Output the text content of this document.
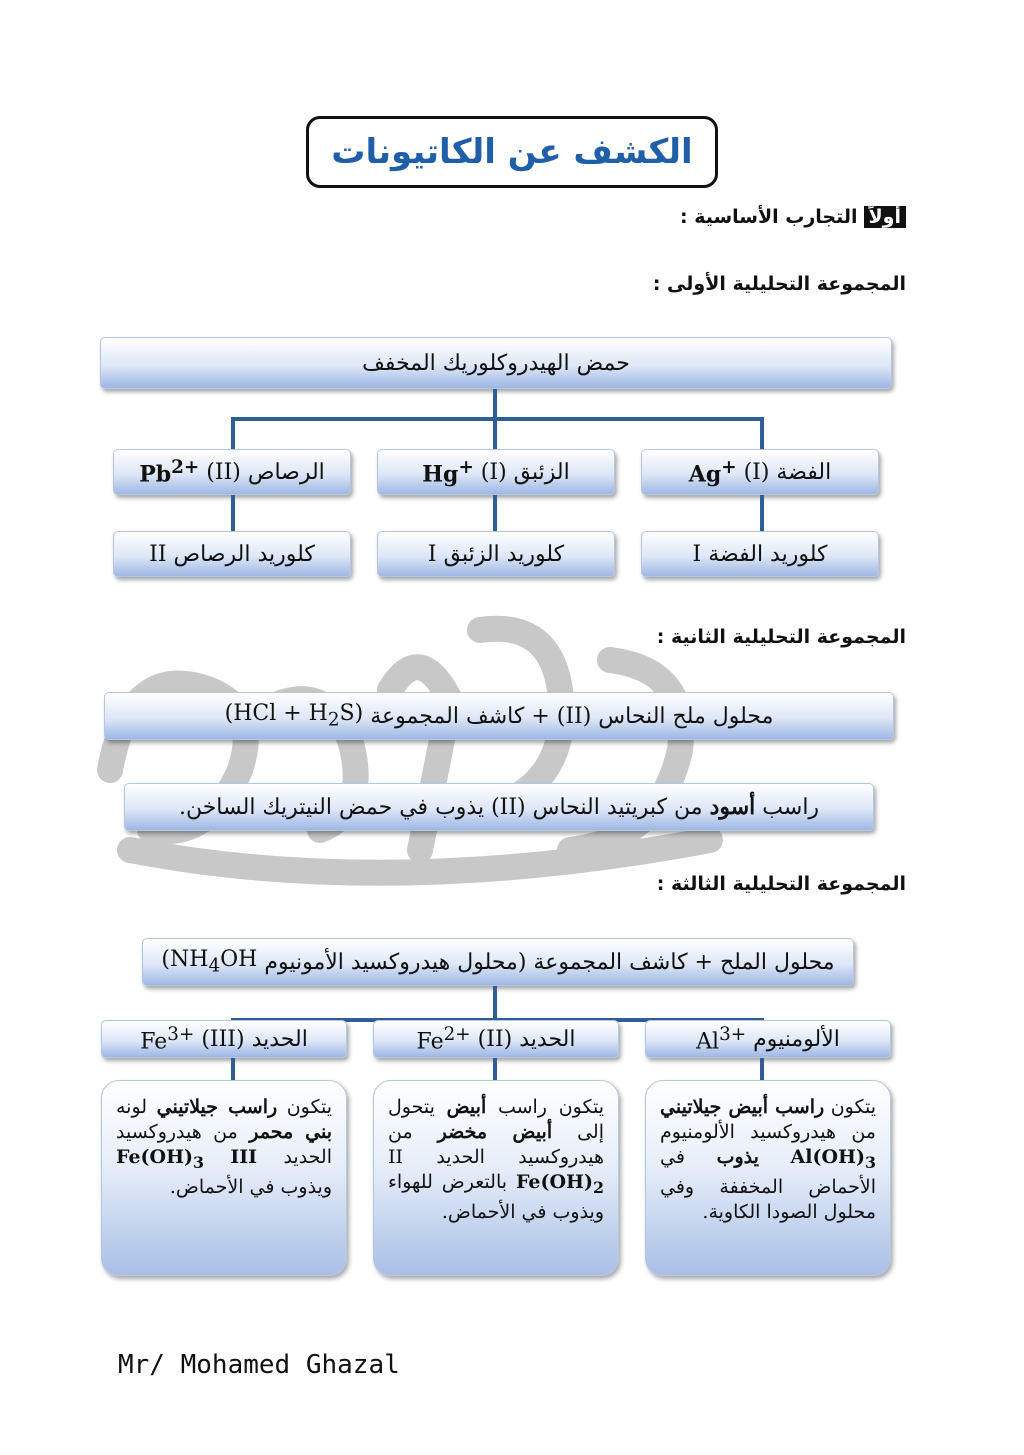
الكشف عن الكاتيونات
أولاًالتجارب الأساسية :
المجموعة التحليلية الأولى :
حمض الهيدروكلوريك المخفف
الفضة

(I)

Ag+
الزئبق

(I)

Hg+
الرصاص

(II)

$Pb^{2+}$
كلوريد الفضة

I
كلوريد الزئبق

I
كلوريد الرصاص

II
المجموعة التحليلية الثانية :
محلول ملح النحاس (II) + كاشف المجموعة

$(HCl + H_2S)$
راسب

أسود

من كبريتيد النحاس (II) يذوب في حمض النيتريك الساخن.
المجموعة التحليلية الثالثة :
محلول الملح + كاشف المجموعة (محلول هيدروكسيد الأمونيوم

($NH_4OH$
الألومنيوم

$Al^{3+}$
الحديد (II)

$Fe^{2+}$
الحديد (III)

$Fe^{3+}$
يتكون راسب أبيض جيلاتيني من هيدروكسيد الألومنيوم $Al(OH)_3$ يذوب في الأحماض المخففة وفي محلول الصودا الكاوية.
يتكون راسب أبيض يتحول إلى أبيض مخضر من هيدروكسيد الحديد II $Fe(OH)_2$ بالتعرض للهواء ويذوب في الأحماض.
يتكون راسب جيلاتيني لونه بني محمر من هيدروكسيد الحديد III $Fe(OH)_3$ ويذوب في الأحماض.
Mr/ Mohamed Ghazal
